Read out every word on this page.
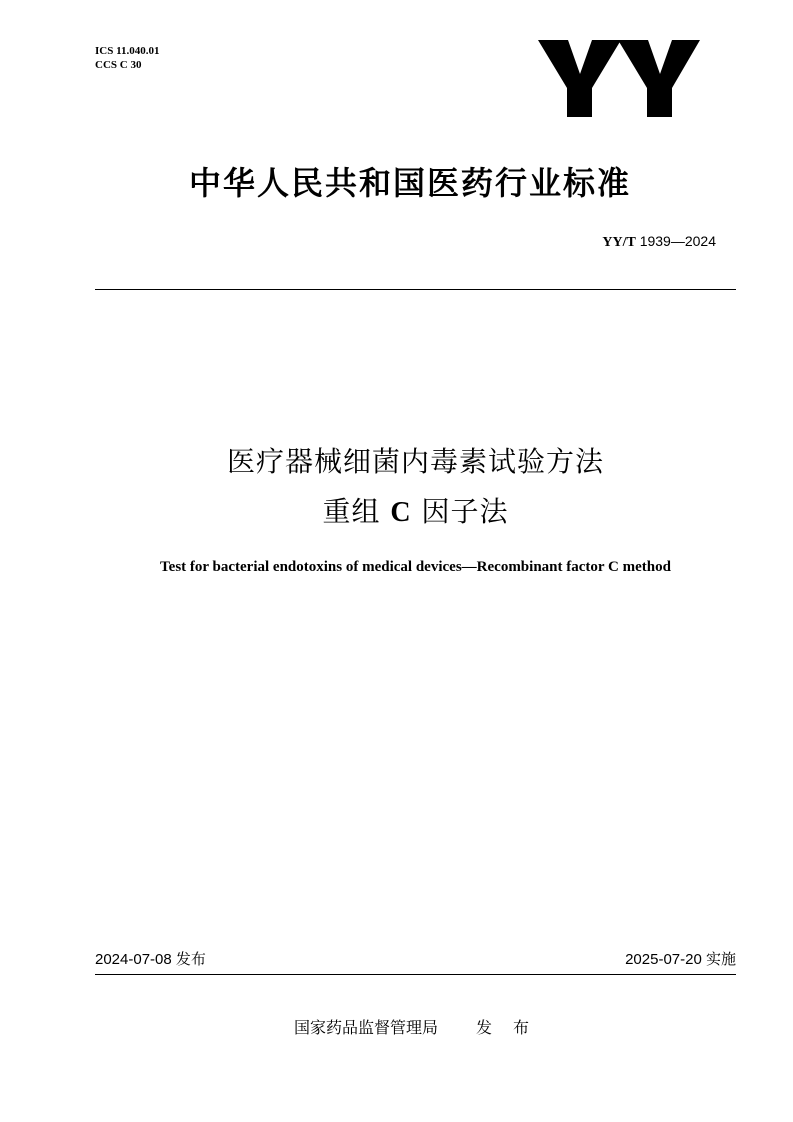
ICS 11.040.01
CCS C 30
中华人民共和国医药行业标准
YY/T 1939—2024
医疗器械细菌内毒素试验方法
重组 C 因子法
Test for bacterial endotoxins of medical devices—Recombinant factor C method
2024-07-08 发布	2025-07-20 实施
国家药品监督管理局 发 布
